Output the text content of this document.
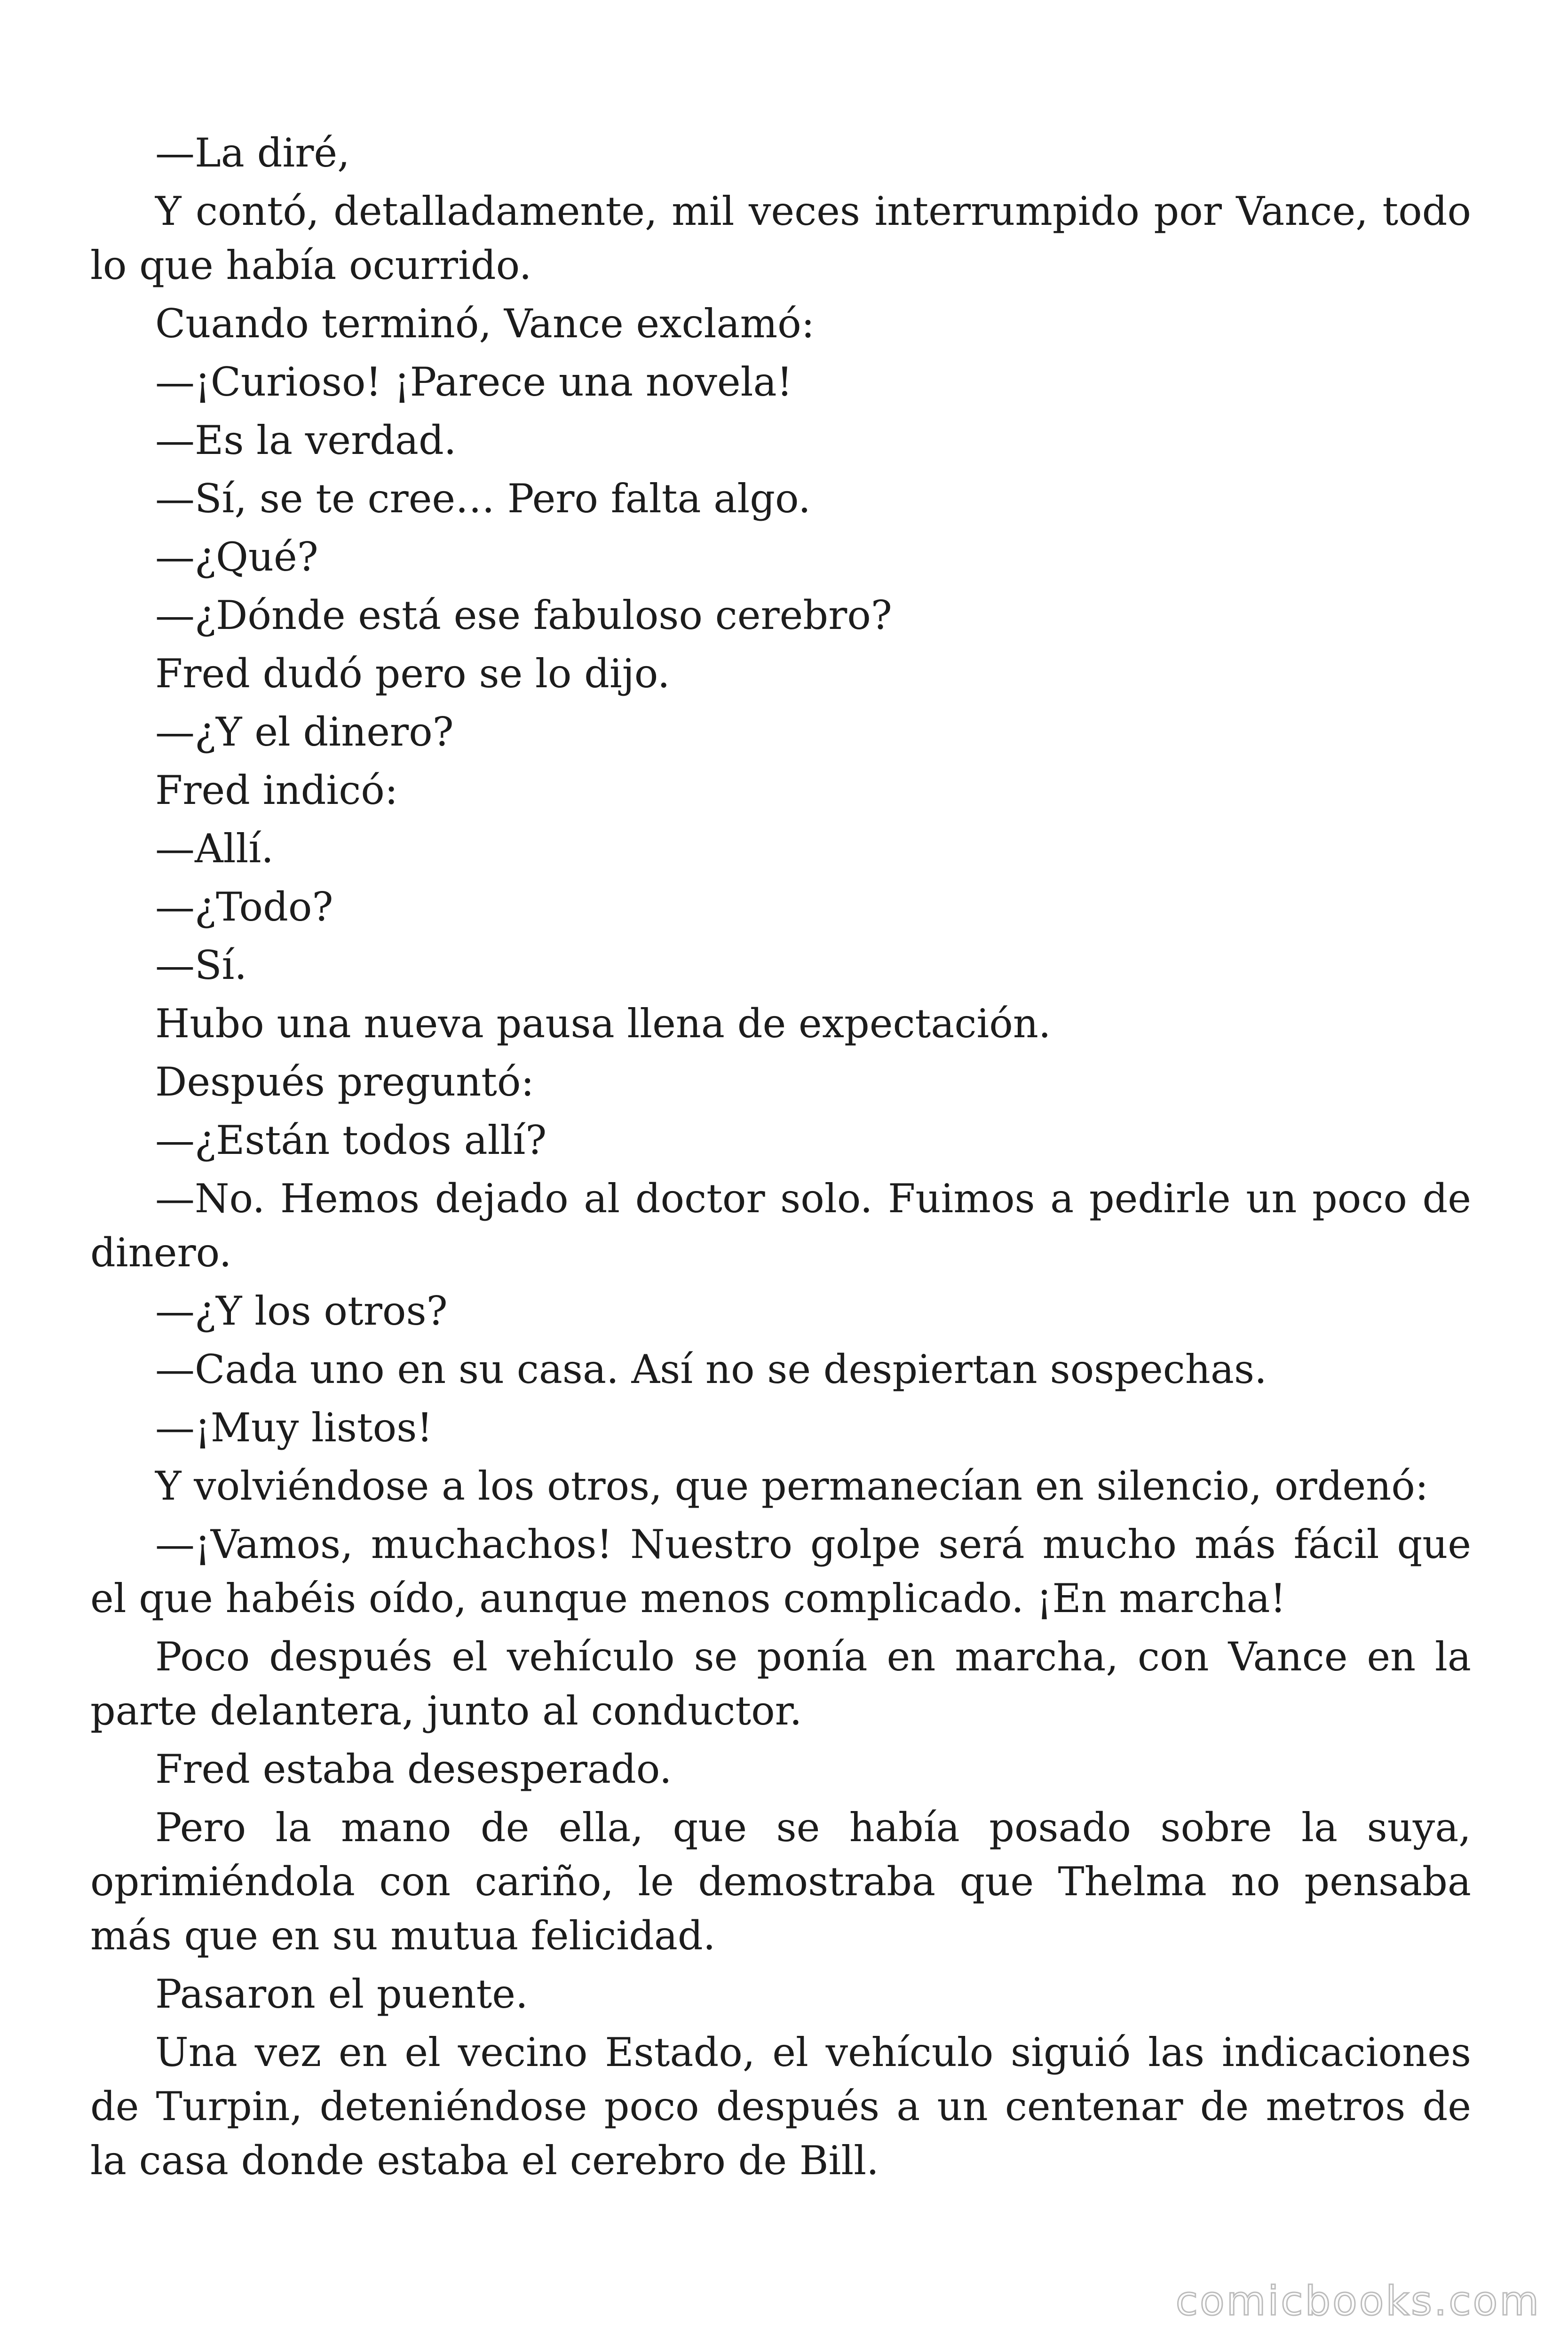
—La diré,

Y contó, detalladamente, mil veces interrumpido por Vance, todo lo que había ocurrido.

Cuando terminó, Vance exclamó:

—¡Curioso! ¡Parece una novela!

—Es la verdad.

—Sí, se te cree… Pero falta algo.

—¿Qué?

—¿Dónde está ese fabuloso cerebro?

Fred dudó pero se lo dijo.

—¿Y el dinero?

Fred indicó:

—Allí.

—¿Todo?

—Sí.

Hubo una nueva pausa llena de expectación.

Después preguntó:

—¿Están todos allí?

—No. Hemos dejado al doctor solo. Fuimos a pedirle un poco de dinero.

—¿Y los otros?

—Cada uno en su casa. Así no se despiertan sospechas.

—¡Muy listos!

Y volviéndose a los otros, que permanecían en silencio, ordenó:

—¡Vamos, muchachos! Nuestro golpe será mucho más fácil que el que habéis oído, aunque menos complicado. ¡En marcha!

Poco después el vehículo se ponía en marcha, con Vance en la parte delantera, junto al conductor.

Fred estaba desesperado.

Pero la mano de ella, que se había posado sobre la suya, oprimiéndola con cariño, le demostraba que Thelma no pensaba más que en su mutua felicidad.

Pasaron el puente.

Una vez en el vecino Estado, el vehículo siguió las indicaciones de Turpin, deteniéndose poco después a un centenar de metros de la casa donde estaba el cerebro de Bill.

comicbooks.com
